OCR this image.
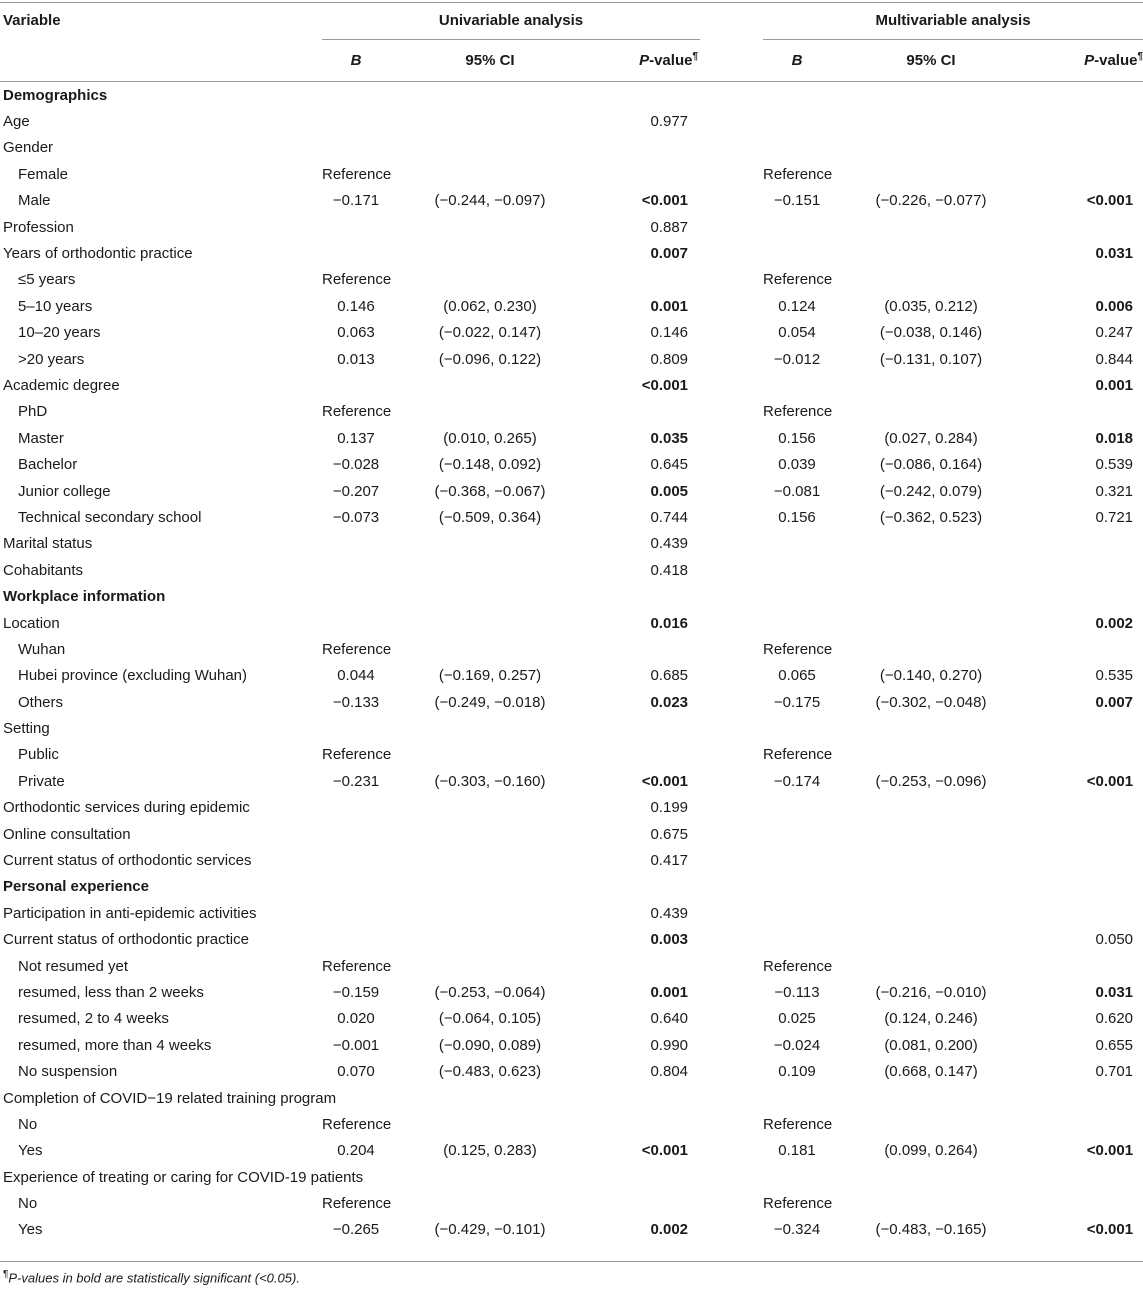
Variable	Univariable analysis				Multivariable analysis		
	B	95% CI	P-value¶		B	95% CI	P-value¶
Demographics							
Age			0.977				
Gender							
Female	Reference				Reference		
Male	−0.171	(−0.244, −0.097)	<0.001		−0.151	(−0.226, −0.077)	<0.001
Profession			0.887				
Years of orthodontic practice			0.007				0.031
≤5 years	Reference				Reference		
5–10 years	0.146	(0.062, 0.230)	0.001		0.124	(0.035, 0.212)	0.006
10–20 years	0.063	(−0.022, 0.147)	0.146		0.054	(−0.038, 0.146)	0.247
>20 years	0.013	(−0.096, 0.122)	0.809		−0.012	(−0.131, 0.107)	0.844
Academic degree			<0.001				0.001
PhD	Reference				Reference		
Master	0.137	(0.010, 0.265)	0.035		0.156	(0.027, 0.284)	0.018
Bachelor	−0.028	(−0.148, 0.092)	0.645		0.039	(−0.086, 0.164)	0.539
Junior college	−0.207	(−0.368, −0.067)	0.005		−0.081	(−0.242, 0.079)	0.321
Technical secondary school	−0.073	(−0.509, 0.364)	0.744		0.156	(−0.362, 0.523)	0.721
Marital status			0.439				
Cohabitants			0.418				
Workplace information							
Location			0.016				0.002
Wuhan	Reference				Reference		
Hubei province (excluding Wuhan)	0.044	(−0.169, 0.257)	0.685		0.065	(−0.140, 0.270)	0.535
Others	−0.133	(−0.249, −0.018)	0.023		−0.175	(−0.302, −0.048)	0.007
Setting							
Public	Reference				Reference		
Private	−0.231	(−0.303, −0.160)	<0.001		−0.174	(−0.253, −0.096)	<0.001
Orthodontic services during epidemic			0.199				
Online consultation			0.675				
Current status of orthodontic services			0.417				
Personal experience							
Participation in anti-epidemic activities			0.439				
Current status of orthodontic practice			0.003				0.050
Not resumed yet	Reference				Reference		
resumed, less than 2 weeks	−0.159	(−0.253, −0.064)	0.001		−0.113	(−0.216, −0.010)	0.031
resumed, 2 to 4 weeks	0.020	(−0.064, 0.105)	0.640		0.025	(0.124, 0.246)	0.620
resumed, more than 4 weeks	−0.001	(−0.090, 0.089)	0.990		−0.024	(0.081, 0.200)	0.655
No suspension	0.070	(−0.483, 0.623)	0.804		0.109	(0.668, 0.147)	0.701
Completion of COVID−19 related training program							
No	Reference				Reference		
Yes	0.204	(0.125, 0.283)	<0.001		0.181	(0.099, 0.264)	<0.001
Experience of treating or caring for COVID-19 patients							
No	Reference				Reference		
Yes	−0.265	(−0.429, −0.101)	0.002		−0.324	(−0.483, −0.165)	<0.001
¶P-values in bold are statistically significant (<0.05).
